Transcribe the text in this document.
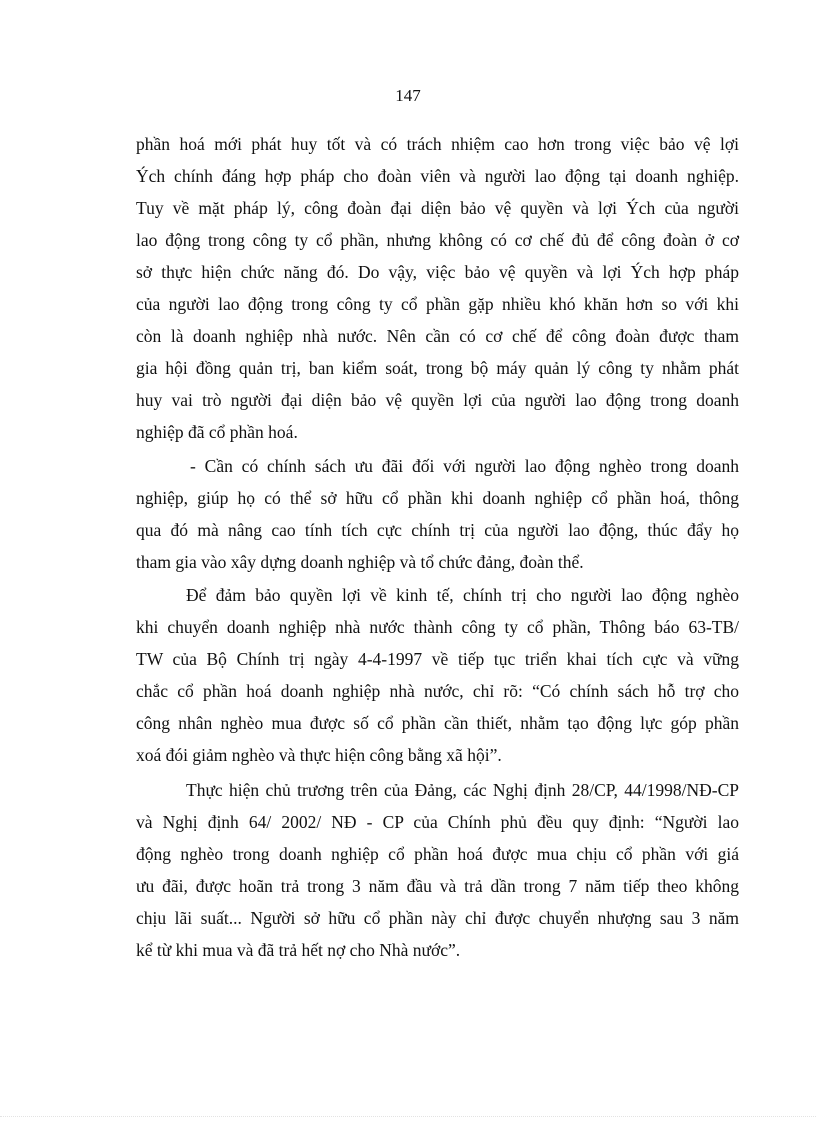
147
phần hoá mới phát huy tốt và có trách nhiệm cao hơn trong việc bảo vệ lợi
Ých chính đáng hợp pháp cho đoàn viên và người lao động tại doanh nghiệp.
Tuy về mặt pháp lý, công đoàn đại diện bảo vệ quyền và lợi Ých của người
lao động trong công ty cổ phần, nhưng không có cơ chế đủ để công đoàn ở cơ
sở thực hiện chức năng đó. Do vậy, việc bảo vệ quyền và lợi Ých hợp pháp
của người lao động trong công ty cổ phần gặp nhiều khó khăn hơn so với khi
còn là doanh nghiệp nhà nước. Nên cần có cơ chế để công đoàn được tham
gia hội đồng quản trị, ban kiểm soát, trong bộ máy quản lý công ty nhằm phát
huy vai trò người đại diện bảo vệ quyền lợi của người lao động trong doanh
nghiệp đã cổ phần hoá.
- Cần có chính sách ưu đãi đối với người lao động nghèo trong doanh
nghiệp, giúp họ có thể sở hữu cổ phần khi doanh nghiệp cổ phần hoá, thông
qua đó mà nâng cao tính tích cực chính trị của người lao động, thúc đẩy họ
tham gia vào xây dựng doanh nghiệp và tổ chức đảng, đoàn thể.
Để đảm bảo quyền lợi về kinh tế, chính trị cho người lao động nghèo
khi chuyển doanh nghiệp nhà nước thành công ty cổ phần, Thông báo 63-TB/
TW của Bộ Chính trị ngày 4-4-1997 về tiếp tục triển khai tích cực và vững
chắc cổ phần hoá doanh nghiệp nhà nước, chỉ rõ: “Có chính sách hỗ trợ cho
công nhân nghèo mua được số cổ phần cần thiết, nhằm tạo động lực góp phần
xoá đói giảm nghèo và thực hiện công bằng xã hội”.
Thực hiện chủ trương trên của Đảng, các Nghị định 28/CP, 44/1998/NĐ-CP
và Nghị định 64/ 2002/ NĐ - CP của Chính phủ đều quy định: “Người lao
động nghèo trong doanh nghiệp cổ phần hoá được mua chịu cổ phần với giá
ưu đãi, được hoãn trả trong 3 năm đầu và trả dần trong 7 năm tiếp theo không
chịu lãi suất... Người sở hữu cổ phần này chỉ được chuyển nhượng sau 3 năm
kể từ khi mua và đã trả hết nợ cho Nhà nước”.
